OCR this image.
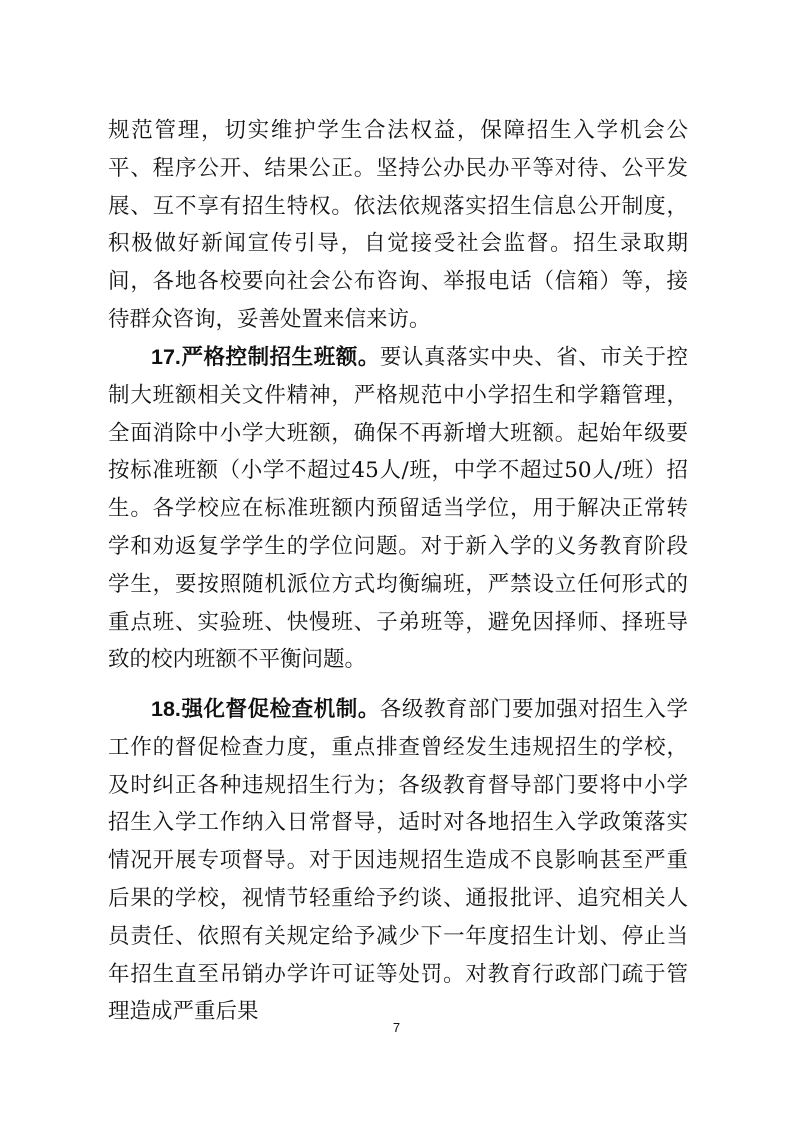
规范管理，切实维护学生合法权益，保障招生入学机会公平、程序公开、结果公正。坚持公办民办平等对待、公平发展、互不享有招生特权。依法依规落实招生信息公开制度，积极做好新闻宣传引导，自觉接受社会监督。招生录取期间，各地各校要向社会公布咨询、举报电话（信箱）等，接待群众咨询，妥善处置来信来访。

17.严格控制招生班额。要认真落实中央、省、市关于控制大班额相关文件精神，严格规范中小学招生和学籍管理，全面消除中小学大班额，确保不再新增大班额。起始年级要按标准班额（小学不超过45人/班，中学不超过50人/班）招生。各学校应在标准班额内预留适当学位，用于解决正常转学和劝返复学学生的学位问题。对于新入学的义务教育阶段学生，要按照随机派位方式均衡编班，严禁设立任何形式的重点班、实验班、快慢班、子弟班等，避免因择师、择班导致的校内班额不平衡问题。

18.强化督促检查机制。各级教育部门要加强对招生入学工作的督促检查力度，重点排查曾经发生违规招生的学校，及时纠正各种违规招生行为；各级教育督导部门要将中小学招生入学工作纳入日常督导，适时对各地招生入学政策落实情况开展专项督导。对于因违规招生造成不良影响甚至严重后果的学校，视情节轻重给予约谈、通报批评、追究相关人员责任、依照有关规定给予减少下一年度招生计划、停止当年招生直至吊销办学许可证等处罚。对教育行政部门疏于管理造成严重后果

7
